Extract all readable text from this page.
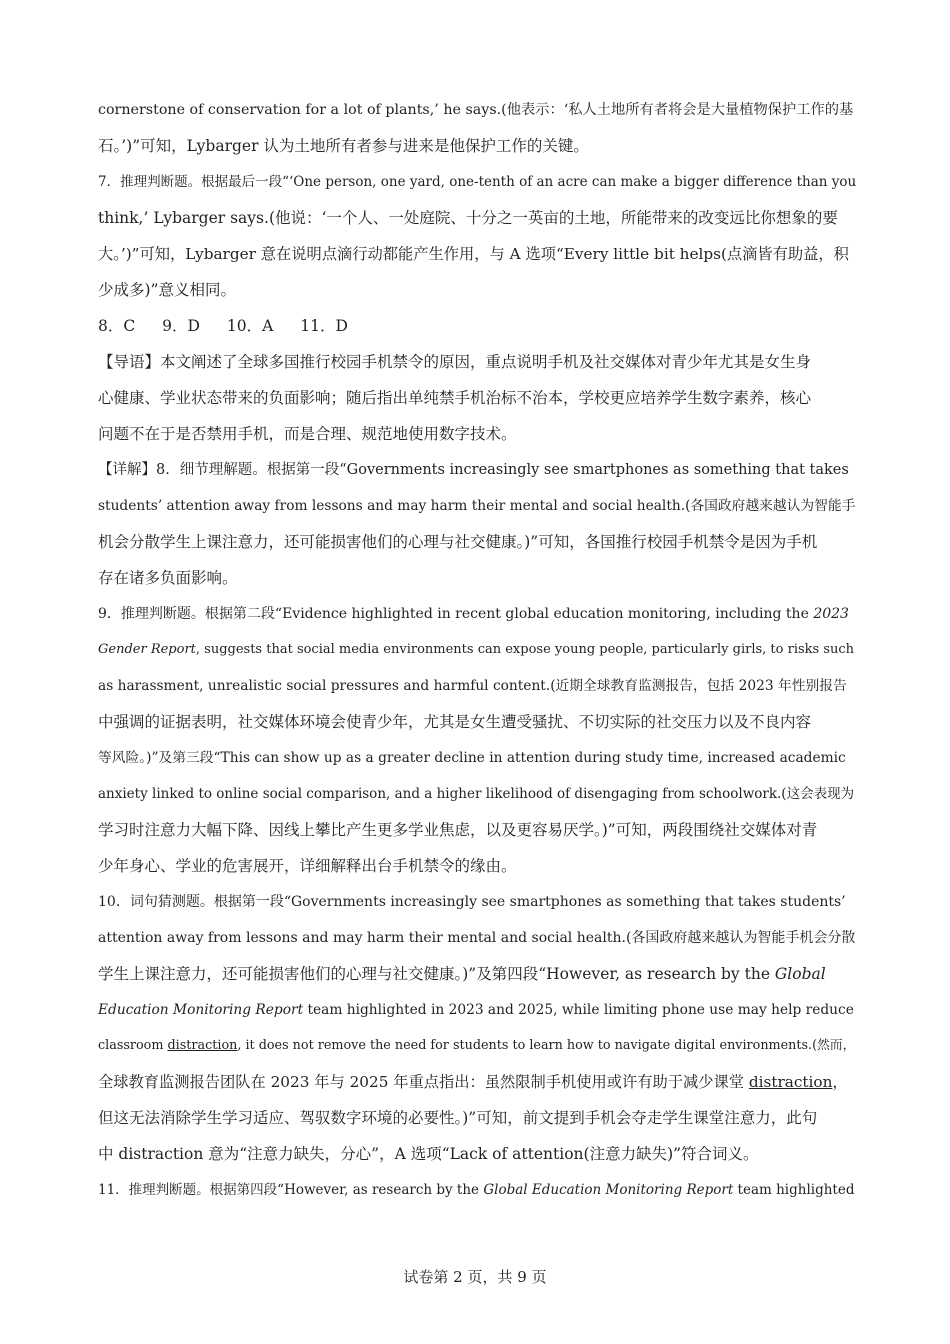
cornerstone of conservation for a lot of plants,’ he says.(他表示：‘私人土地所有者将会是大量植物保护工作的基
石。’)”可知，Lybarger 认为土地所有者参与进来是他保护工作的关键。
7．推理判断题。根据最后一段“‘One person, one yard, one-tenth of an acre can make a bigger difference than you
think,’ Lybarger says.(他说：‘一个人、一处庭院、十分之一英亩的土地，所能带来的改变远比你想象的要
大。’)”可知，Lybarger 意在说明点滴行动都能产生作用，与 A 选项“Every little bit helps(点滴皆有助益，积
少成多)”意义相同。
8．C 9．D 10．A 11．D
【导语】本文阐述了全球多国推行校园手机禁令的原因，重点说明手机及社交媒体对青少年尤其是女生身
心健康、学业状态带来的负面影响；随后指出单纯禁手机治标不治本，学校更应培养学生数字素养，核心
问题不在于是否禁用手机，而是合理、规范地使用数字技术。
【详解】8．细节理解题。根据第一段“Governments increasingly see smartphones as something that takes
students’ attention away from lessons and may harm their mental and social health.(各国政府越来越认为智能手
机会分散学生上课注意力，还可能损害他们的心理与社交健康。)”可知，各国推行校园手机禁令是因为手机
存在诸多负面影响。
9．推理判断题。根据第二段“Evidence highlighted in recent global education monitoring, including the 2023
Gender Report, suggests that social media environments can expose young people, particularly girls, to risks such
as harassment, unrealistic social pressures and harmful content.(近期全球教育监测报告，包括 2023 年性别报告
中强调的证据表明，社交媒体环境会使青少年，尤其是女生遭受骚扰、不切实际的社交压力以及不良内容
等风险。)”及第三段“This can show up as a greater decline in attention during study time, increased academic
anxiety linked to online social comparison, and a higher likelihood of disengaging from schoolwork.(这会表现为
学习时注意力大幅下降、因线上攀比产生更多学业焦虑，以及更容易厌学。)”可知，两段围绕社交媒体对青
少年身心、学业的危害展开，详细解释出台手机禁令的缘由。
10．词句猜测题。根据第一段“Governments increasingly see smartphones as something that takes students’
attention away from lessons and may harm their mental and social health.(各国政府越来越认为智能手机会分散
学生上课注意力，还可能损害他们的心理与社交健康。)”及第四段“However, as research by the Global
Education Monitoring Report team highlighted in 2023 and 2025, while limiting phone use may help reduce
classroom distraction, it does not remove the need for students to learn how to navigate digital environments.(然而，
全球教育监测报告团队在 2023 年与 2025 年重点指出：虽然限制手机使用或许有助于减少课堂 distraction，
但这无法消除学生学习适应、驾驭数字环境的必要性。)”可知，前文提到手机会夺走学生课堂注意力，此句
中 distraction 意为“注意力缺失，分心”，A 选项“Lack of attention(注意力缺失)”符合词义。
11．推理判断题。根据第四段“However, as research by the Global Education Monitoring Report team highlighted
试卷第 2 页，共 9 页
